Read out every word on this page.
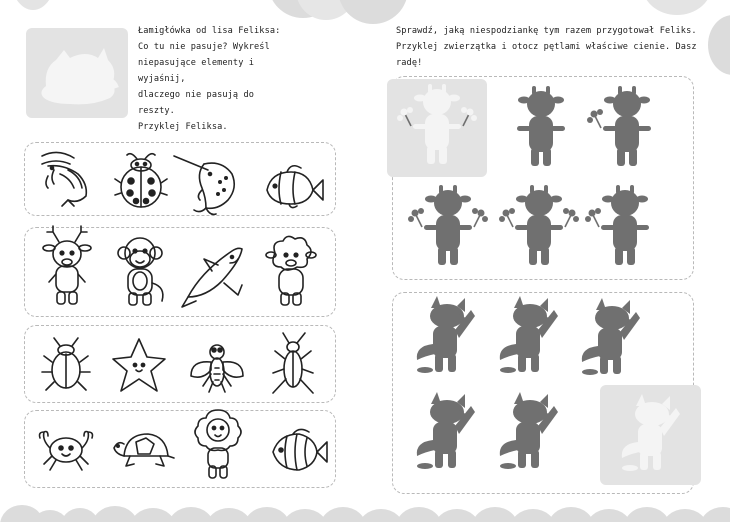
Łamigłówka od lisa Feliksa:
Co tu nie pasuje? Wykreśl
niepasujące elementy i wyjaśnij,
dlaczego nie pasują do reszty.
Przyklej Feliksa.
Sprawdź, jaką niespodziankę tym razem przygotował Feliks.
Przyklej zwierzątka i otocz pętlami właściwe cienie. Dasz
radę!
